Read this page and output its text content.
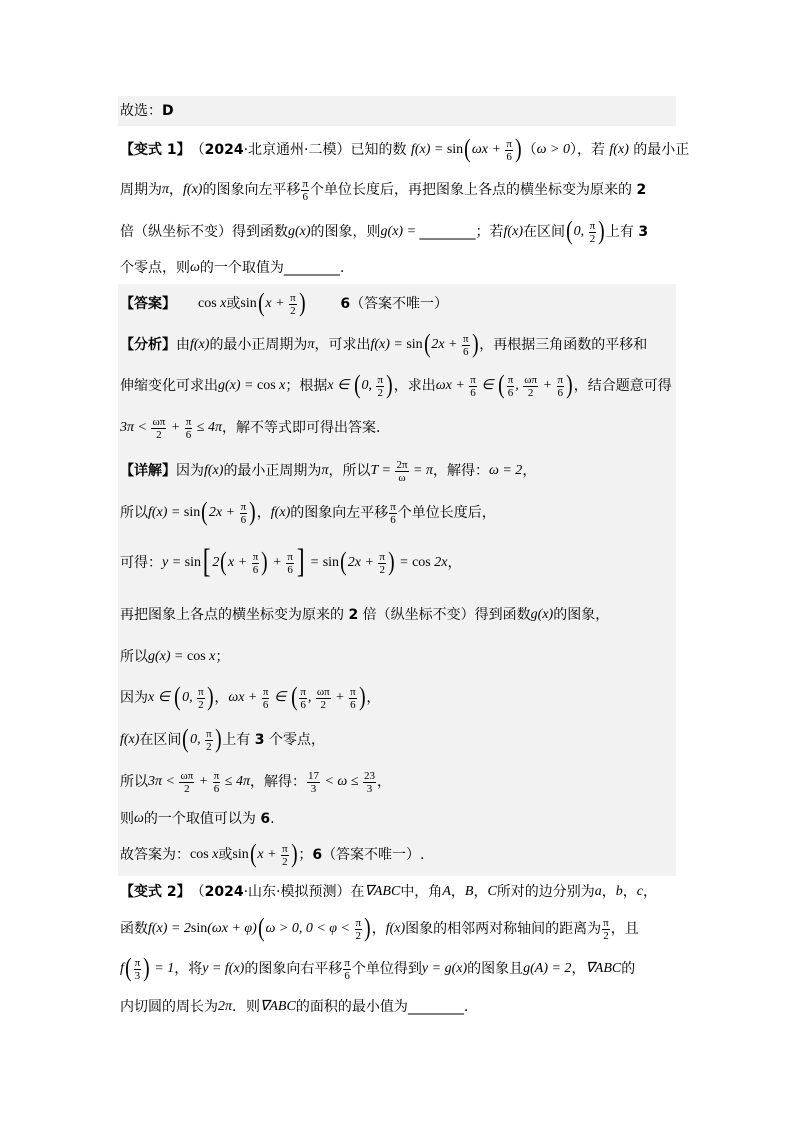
故选： D
【变式 1】 （ 2024 ·北京通州·二模）已知的数 f(x) = sin ( $\omega x + \frac{\pi}{6}$ ) （ ω > 0 ），若 f(x) 的最小正
周期为 π ， f(x) 的图象向左平移 $\frac{\pi}{6}$ 个单位长度后，再把图象上各点的横坐标变为原来的 2
倍（纵坐标不变）得到函数 g(x) 的图象，则 g(x) = ________；若 f(x) 在区间 ( 0, $\frac{\pi}{2}$ ) 上有 3
个零点，则 ω 的一个取值为________.
【答案】 cos x 或 sin ( $x + \frac{\pi}{2}$ )	6 （答案不唯一）
【分析】 由 f(x) 的最小正周期为 π ，可求出 f(x) = sin ( $2x + \frac{\pi}{6}$ ) ，再根据三角函数的平移和
伸缩变化可求出 g(x) = cos x ；根据 x ∈ ( 0, $\frac{\pi}{2}$ ) ，求出 $\omega x + \frac{\pi}{6}$ ∈ ( $\frac{\pi}{6}$ , $\frac{\omega\pi}{2} + \frac{\pi}{6}$ ) ，结合题意可得
$3\pi < \frac{\omega\pi}{2} + \frac{\pi}{6} \le 4\pi$ ，解不等式即可得出答案.
【详解】 因为 f(x) 的最小正周期为 π ，所以 $T = \frac{2\pi}{\omega} = \pi$ ，解得： ω = 2 ，
所以 f(x) = sin ( $2x + \frac{\pi}{6}$ ) ， f(x) 的图象向左平移 $\frac{\pi}{6}$ 个单位长度后，
可得： y = sin [ 2 ( $x + \frac{\pi}{6}$ ) + $\frac{\pi}{6}$ ] = sin ( $2x + \frac{\pi}{2}$ ) = cos 2x ，
再把图象上各点的横坐标变为原来的 2 倍（纵坐标不变）得到函数 g(x) 的图象，
所以 g(x) = cos x ；
因为 x ∈ ( 0, $\frac{\pi}{2}$ ) ， $\omega x + \frac{\pi}{6}$ ∈ ( $\frac{\pi}{6}$ , $\frac{\omega\pi}{2} + \frac{\pi}{6}$ ) ，
f(x) 在区间 ( 0, $\frac{\pi}{2}$ ) 上有 3 个零点，
所以 $3\pi < \frac{\omega\pi}{2} + \frac{\pi}{6} \le 4\pi$ ，解得： $\frac{17}{3} < \omega \le \frac{23}{3}$ ，
则 ω 的一个取值可以为 6 .
故答案为： cos x 或 sin ( $x + \frac{\pi}{2}$ ) ； 6 （答案不唯一）.
【变式 2】 （ 2024 ·山东·模拟预测）在 ∇ABC 中，角 A ， B ， C 所对的边分别为 a ， b ， c ，
函数 f(x) = 2 sin (ωx + φ) ( ω > 0, $0 < \varphi < \frac{\pi}{2}$ ) ， f(x) 图象的相邻两对称轴间的距离为 $\frac{\pi}{2}$ ，且
f ( $\frac{\pi}{3}$ ) = 1 ，将 y = f(x) 的图象向右平移 $\frac{\pi}{6}$ 个单位得到 y = g(x) 的图象且 g(A) = 2 ， ∇ABC 的
内切圆的周长为 2π ．则 ∇ABC 的面积的最小值为________.
